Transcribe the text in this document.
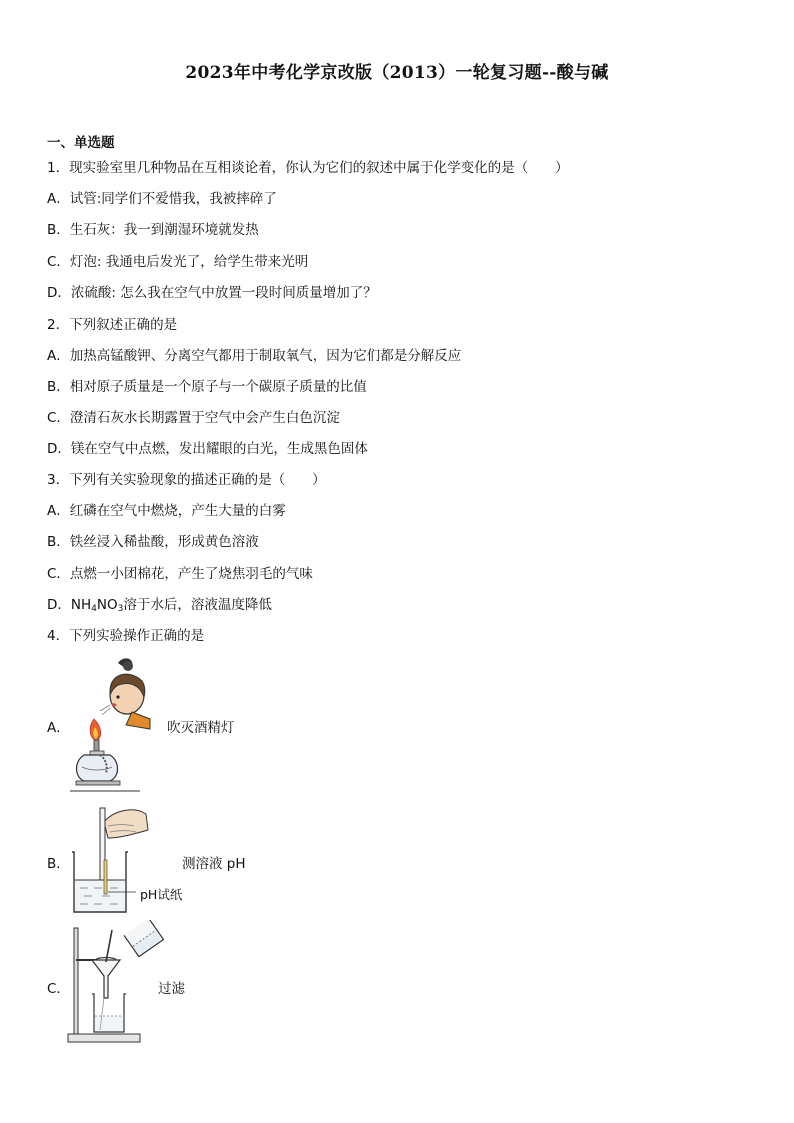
2023年中考化学京改版（2013）一轮复习题--酸与碱
一、单选题
1．现实验室里几种物品在互相谈论着，你认为它们的叙述中属于化学变化的是（　　）
A．试管:同学们不爱惜我，我被摔碎了
B．生石灰：我一到潮湿环境就发热
C．灯泡: 我通电后发光了，给学生带来光明
D．浓硫酸: 怎么我在空气中放置一段时间质量增加了？
2．下列叙述正确的是
A．加热高锰酸钾、分离空气都用于制取氧气，因为它们都是分解反应
B．相对原子质量是一个原子与一个碳原子质量的比值
C．澄清石灰水长期露置于空气中会产生白色沉淀
D．镁在空气中点燃，发出耀眼的白光，生成黑色固体
3．下列有关实验现象的描述正确的是（　　）
A．红磷在空气中燃烧，产生大量的白雾
B．铁丝浸入稀盐酸，形成黄色溶液
C．点燃一小团棉花，产生了烧焦羽毛的气味
D．$NH_4NO_3$溶于水后，溶液温度降低
4．下列实验操作正确的是
A．	吹灭酒精灯
B．	测溶液 pH
pH试纸
C．	过滤
